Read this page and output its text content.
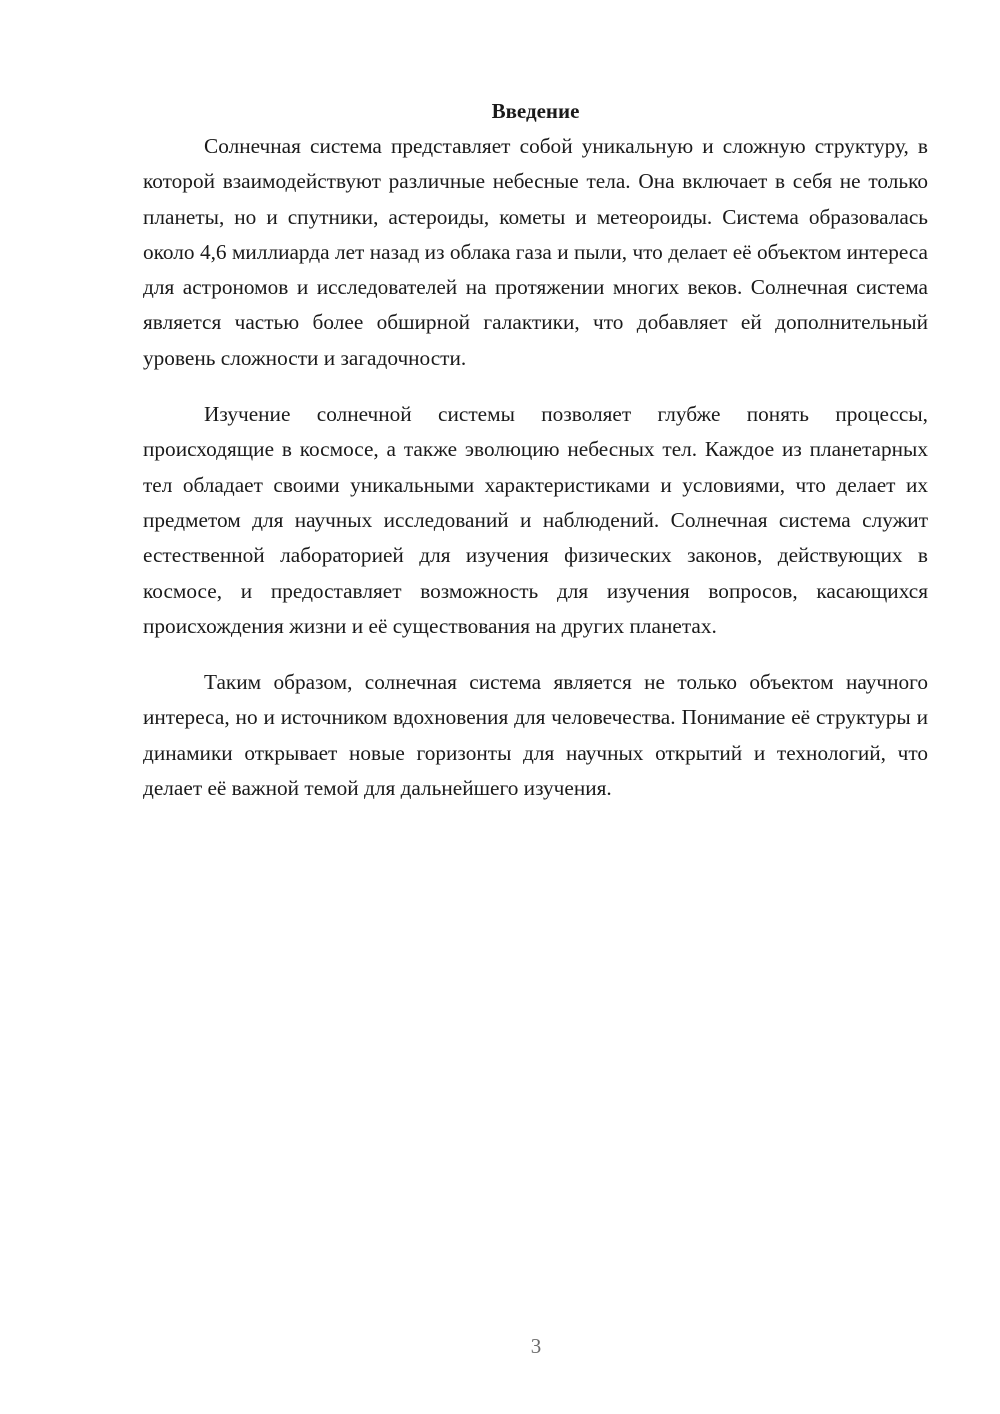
Введение

Солнечная система представляет собой уникальную и сложную структуру, в которой взаимодействуют различные небесные тела. Она включает в себя не только планеты, но и спутники, астероиды, кометы и метеороиды. Система образовалась около 4,6 миллиарда лет назад из облака газа и пыли, что делает её объектом интереса для астрономов и исследователей на протяжении многих веков. Солнечная система является частью более обширной галактики, что добавляет ей дополнительный уровень сложности и загадочности.

Изучение солнечной системы позволяет глубже понять процессы, происходящие в космосе, а также эволюцию небесных тел. Каждое из планетарных тел обладает своими уникальными характеристиками и условиями, что делает их предметом для научных исследований и наблюдений. Солнечная система служит естественной лабораторией для изучения физических законов, действующих в космосе, и предоставляет возможность для изучения вопросов, касающихся происхождения жизни и её существования на других планетах.

Таким образом, солнечная система является не только объектом научного интереса, но и источником вдохновения для человечества. Понимание её структуры и динамики открывает новые горизонты для научных открытий и технологий, что делает её важной темой для дальнейшего изучения.

3
